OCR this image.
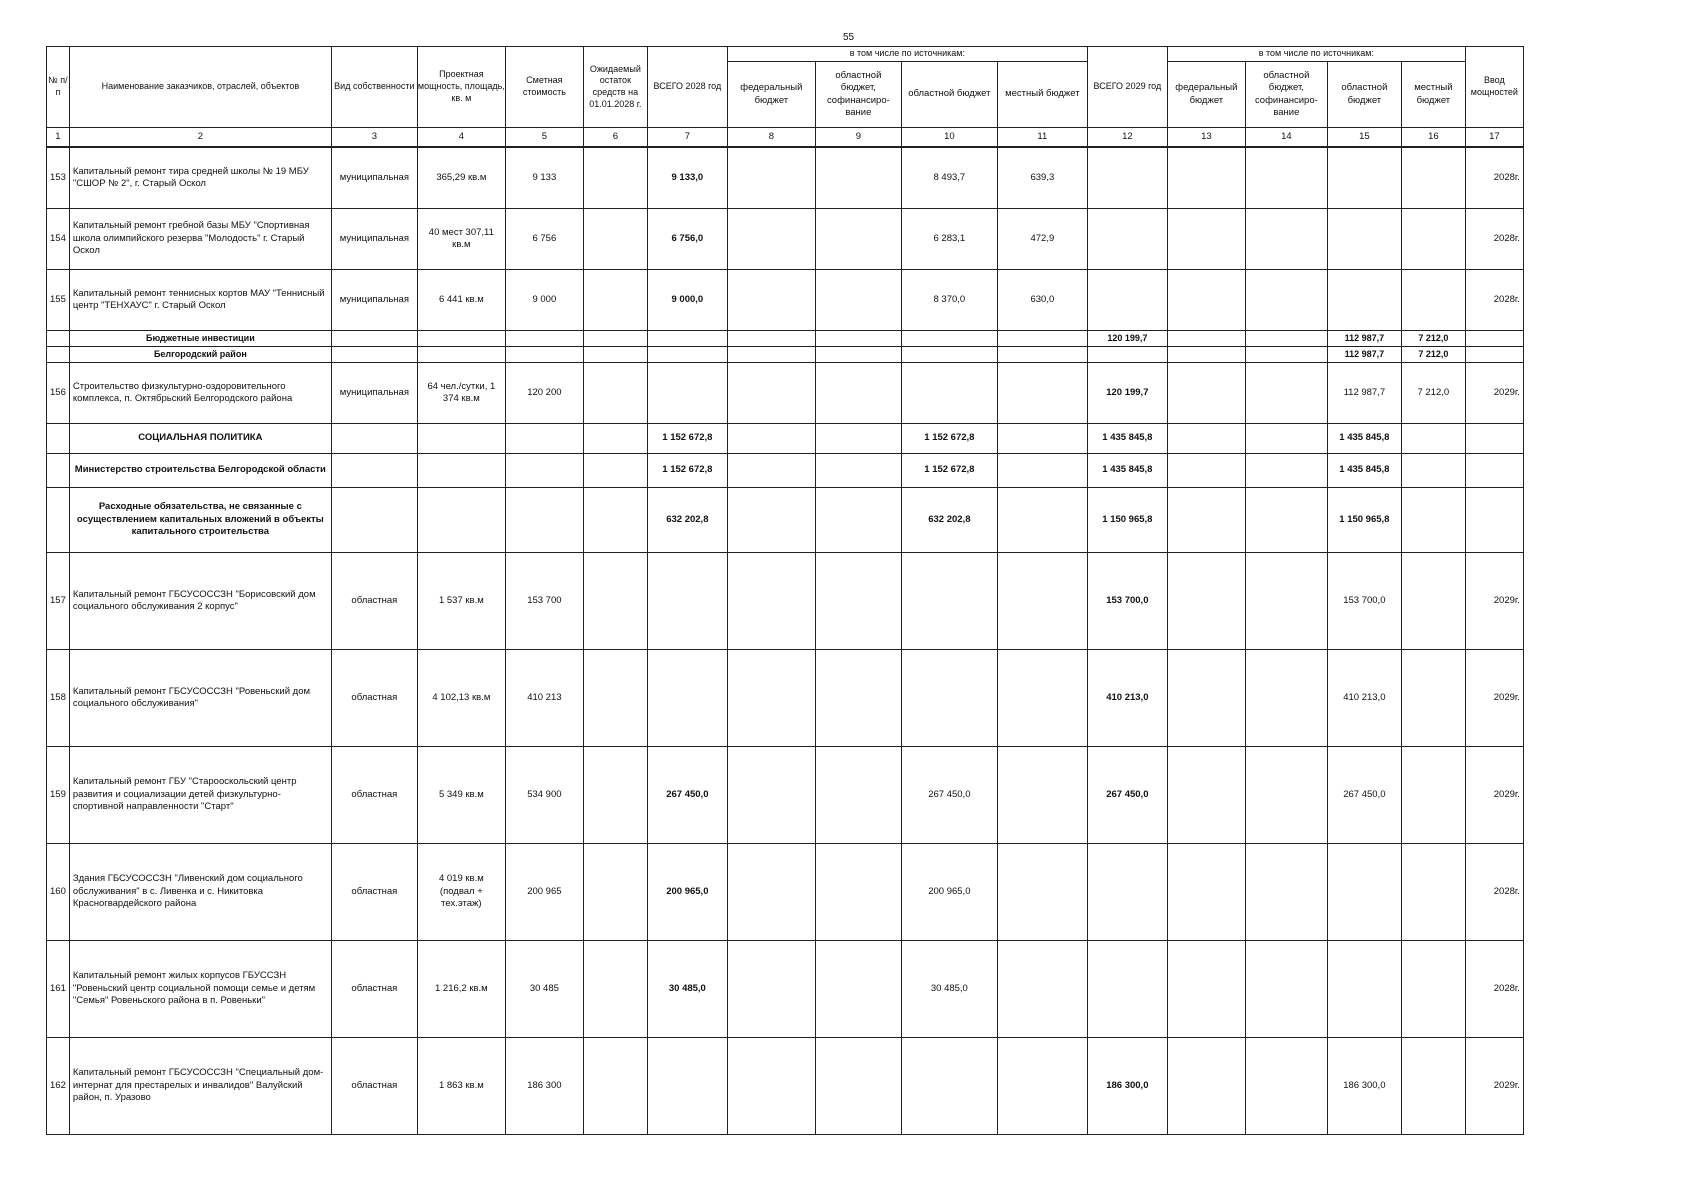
55
№ п/п	Наименование заказчиков, отраслей, объектов	Вид собственности	Проектная мощность, площадь, кв. м	Сметная стоимость	Ожидаемый остаток средств на 01.01.2028 г.	ВСЕГО 2028 год	в том числе по источникам:				ВСЕГО 2029 год	в том числе по источникам:				Ввод мощностей
							федеральный бюджет	областной бюджет, софинансиро-вание	областной бюджет	местный бюджет		федеральный бюджет	областной бюджет, софинансиро-вание	областной бюджет	местный бюджет	
1	2	3	4	5	6	7	8	9	10	11	12	13	14	15	16	17
153	Капитальный ремонт тира средней школы № 19 МБУ "СШОР № 2", г. Старый Оскол	муниципальная	365,29 кв.м	9 133		9 133,0			8 493,7	639,3						2028г.
154	Капитальный ремонт гребной базы МБУ "Спортивная школа олимпийского резерва "Молодость" г. Старый Оскол	муниципальная	40 мест 307,11 кв.м	6 756		6 756,0			6 283,1	472,9						2028г.
155	Капитальный ремонт теннисных кортов МАУ "Теннисный центр "ТЕНХАУС" г. Старый Оскол	муниципальная	6 441 кв.м	9 000		9 000,0			8 370,0	630,0						2028г.
	Бюджетные инвестиции										120 199,7			112 987,7	7 212,0	
	Белгородский район													112 987,7	7 212,0	
156	Строительство физкультурно-оздоровительного комплекса, п. Октябрьский Белгородского района	муниципальная	64 чел./сутки, 1 374 кв.м	120 200							120 199,7			112 987,7	7 212,0	2029г.
	СОЦИАЛЬНАЯ ПОЛИТИКА					1 152 672,8			1 152 672,8		1 435 845,8			1 435 845,8		
	Министерство строительства Белгородской области					1 152 672,8			1 152 672,8		1 435 845,8			1 435 845,8		
	Расходные обязательства, не связанные с осуществлением капитальных вложений в объекты капитального строительства					632 202,8			632 202,8		1 150 965,8			1 150 965,8		
157	Капитальный ремонт ГБСУСОССЗН "Борисовский дом социального обслуживания 2 корпус"	областная	1 537 кв.м	153 700							153 700,0			153 700,0		2029г.
158	Капитальный ремонт ГБСУСОССЗН "Ровеньский дом социального обслуживания"	областная	4 102,13 кв.м	410 213							410 213,0			410 213,0		2029г.
159	Капитальный ремонт ГБУ "Старооскольский центр развития и социализации детей физкультурно-спортивной направленности "Старт"	областная	5 349 кв.м	534 900		267 450,0			267 450,0		267 450,0			267 450,0		2029г.
160	Здания ГБСУСОССЗН "Ливенский дом социального обслуживания" в с. Ливенка и с. Никитовка Красногвардейского района	областная	4 019 кв.м (подвал + тех.этаж)	200 965		200 965,0			200 965,0							2028г.
161	Капитальный ремонт жилых корпусов ГБУССЗН "Ровеньский центр социальной помощи семье и детям "Семья" Ровеньского района в п. Ровеньки"	областная	1 216,2 кв.м	30 485		30 485,0			30 485,0							2028г.
162	Капитальный ремонт ГБСУСОССЗН "Специальный дом-интернат для престарелых и инвалидов" Валуйский район, п. Уразово	областная	1 863 кв.м	186 300							186 300,0			186 300,0		2029г.
